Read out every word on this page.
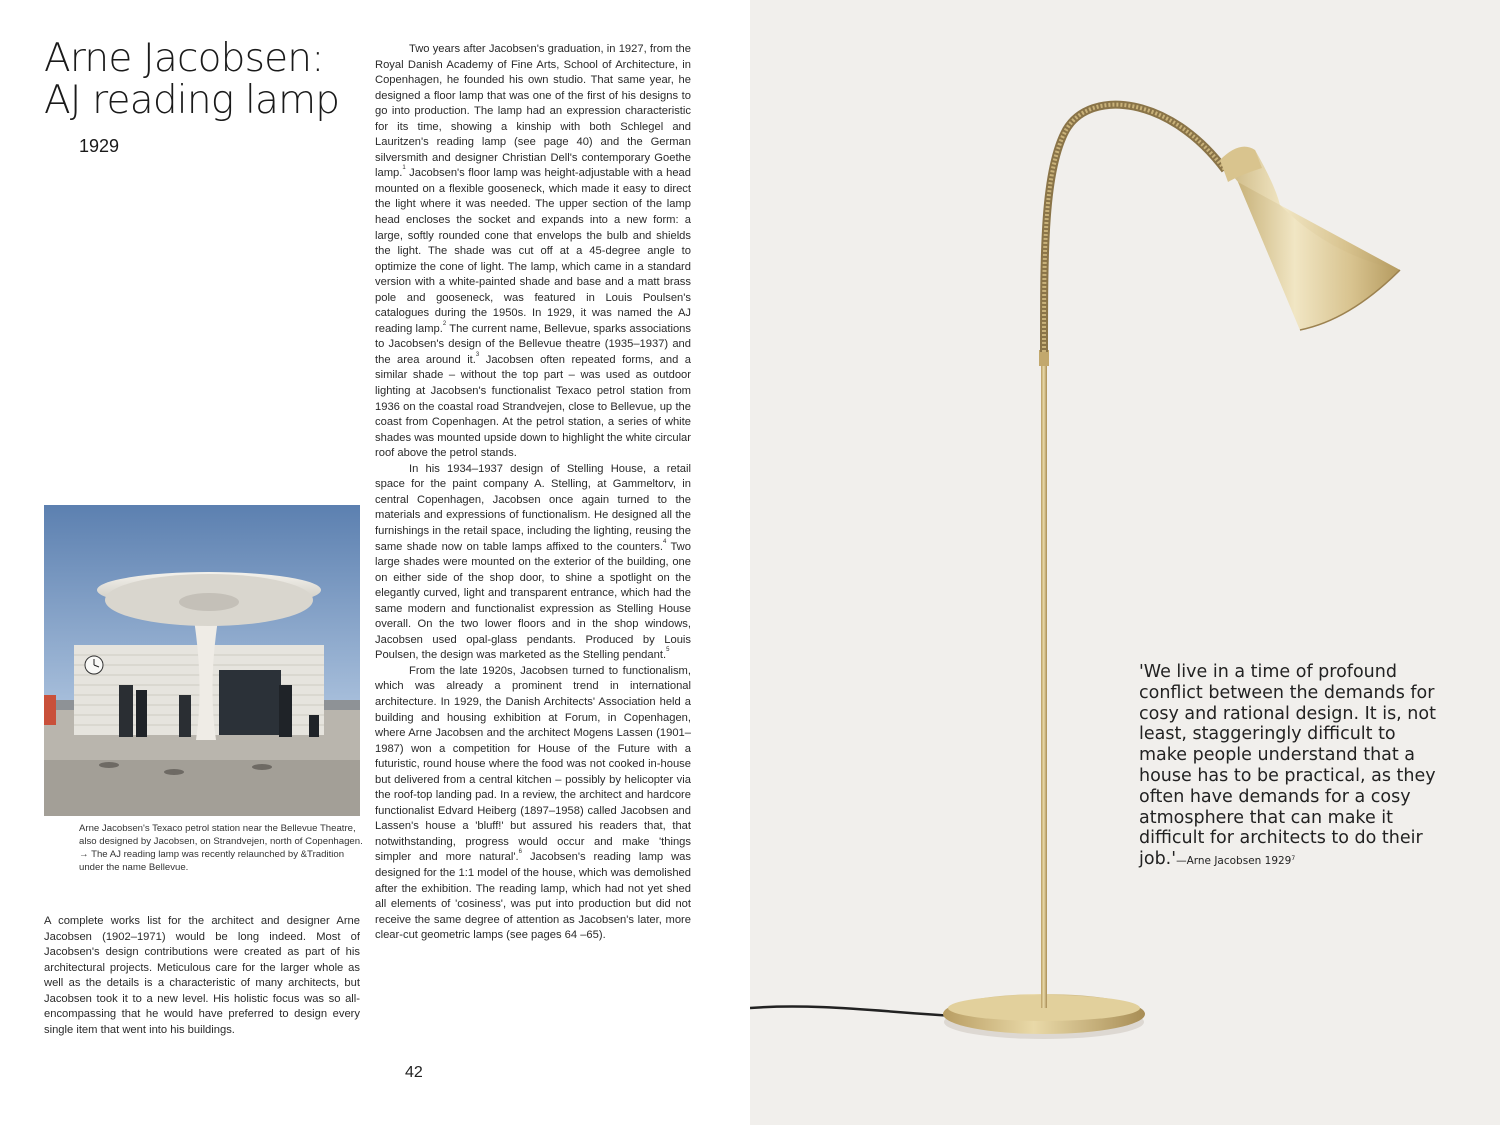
Arne Jacobsen:
AJ reading lamp
1929

Two years after Jacobsen's graduation, in 1927, from the Royal Danish Academy of Fine Arts, School of Architecture, in Copenhagen, he founded his own studio. That same year, he designed a floor lamp that was one of the first of his designs to go into production. The lamp had an expression characteristic for its time, showing a kinship with both Schlegel and Lauritzen's reading lamp (see page 40) and the German silversmith and designer Christian Dell's contemporary Goethe lamp.$^1$ Jacobsen's floor lamp was height-adjustable with a head mounted on a flexible gooseneck, which made it easy to direct the light where it was needed. The upper section of the lamp head encloses the socket and expands into a new form: a large, softly rounded cone that envelops the bulb and shields the light. The shade was cut off at a 45-degree angle to optimize the cone of light. The lamp, which came in a standard version with a white-painted shade and base and a matt brass pole and gooseneck, was featured in Louis Poulsen's catalogues during the 1950s. In 1929, it was named the AJ reading lamp.$^2$ The current name, Bellevue, sparks associations to Jacobsen's design of the Bellevue theatre (1935–1937) and the area around it.$^3$ Jacobsen often repeated forms, and a similar shade – without the top part – was used as outdoor lighting at Jacobsen's functionalist Texaco petrol station from 1936 on the coastal road Strandvejen, close to Bellevue, up the coast from Copenhagen. At the petrol station, a series of white shades was mounted upside down to highlight the white circular roof above the petrol stands.

In his 1934–1937 design of Stelling House, a retail space for the paint company A. Stelling, at Gammeltorv, in central Copenhagen, Jacobsen once again turned to the materials and expressions of functionalism. He designed all the furnishings in the retail space, including the lighting, reusing the same shade now on table lamps affixed to the counters.$^4$ Two large shades were mounted on the exterior of the building, one on either side of the shop door, to shine a spotlight on the elegantly curved, light and transparent entrance, which had the same modern and functionalist expression as Stelling House overall. On the two lower floors and in the shop windows, Jacobsen used opal-glass pendants. Produced by Louis Poulsen, the design was marketed as the Stelling pendant.$^5$

From the late 1920s, Jacobsen turned to functionalism, which was already a prominent trend in international architecture. In 1929, the Danish Architects' Association held a building and housing exhibition at Forum, in Copenhagen, where Arne Jacobsen and the architect Mogens Lassen (1901–1987) won a competition for House of the Future with a futuristic, round house where the food was not cooked in-house but delivered from a central kitchen – possibly by helicopter via the roof-top landing pad. In a review, the architect and hardcore functionalist Edvard Heiberg (1897–1958) called Jacobsen and Lassen's house a 'bluff!' but assured his readers that, that notwithstanding, progress would occur and make 'things simpler and more natural'.$^6$ Jacobsen's reading lamp was designed for the 1:1 model of the house, which was demolished after the exhibition. The reading lamp, which had not yet shed all elements of 'cosiness', was put into production but did not receive the same degree of attention as Jacobsen's later, more clear-cut geometric lamps (see pages 64 –65).

Arne Jacobsen's Texaco petrol station near the Bellevue Theatre, also designed by Jacobsen, on Strandvejen, north of Copenhagen.
→ The AJ reading lamp was recently relaunched by &Tradition under the name Bellevue.

A complete works list for the architect and designer Arne Jacobsen (1902–1971) would be long indeed. Most of Jacobsen's design contributions were created as part of his architectural projects. Meticulous care for the larger whole as well as the details is a characteristic of many architects, but Jacobsen took it to a new level. His holistic focus was so all-encompassing that he would have preferred to design every single item that went into his buildings.

42
'We live in a time of profound conflict between the demands for cosy and rational design. It is, not least, staggeringly difficult to make people understand that a house has to be practical, as they often have demands for a cosy atmosphere that can make it difficult for architects to do their job.'—Arne Jacobsen 1929$^7$
